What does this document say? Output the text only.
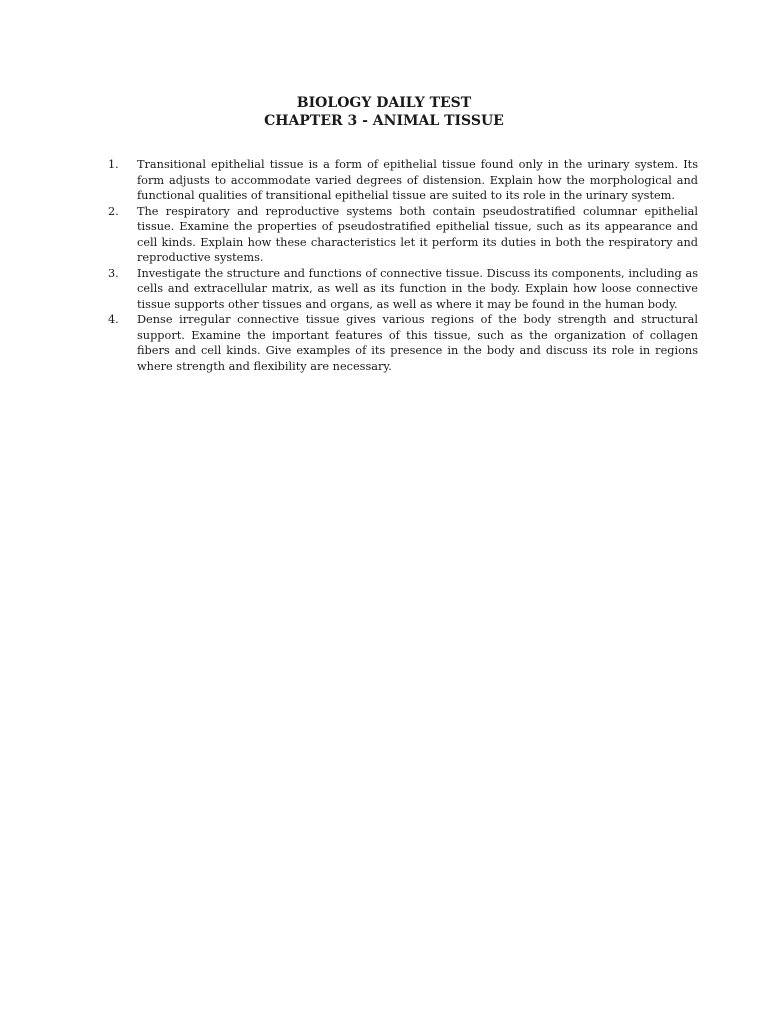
BIOLOGY DAILY TEST
CHAPTER 3 - ANIMAL TISSUE
1.	Transitional epithelial tissue is a form of epithelial tissue found only in the urinary system. Its form adjusts to accommodate varied degrees of distension. Explain how the morphological and functional qualities of transitional epithelial tissue are suited to its role in the urinary system.
2.	The respiratory and reproductive systems both contain pseudostratified columnar epithelial tissue. Examine the properties of pseudostratified epithelial tissue, such as its appearance and cell kinds. Explain how these characteristics let it perform its duties in both the respiratory and reproductive systems.
3.	Investigate the structure and functions of connective tissue. Discuss its components, including as cells and extracellular matrix, as well as its function in the body. Explain how loose connective tissue supports other tissues and organs, as well as where it may be found in the human body.
4.	Dense irregular connective tissue gives various regions of the body strength and structural support. Examine the important features of this tissue, such as the organization of collagen fibers and cell kinds. Give examples of its presence in the body and discuss its role in regions where strength and flexibility are necessary.
